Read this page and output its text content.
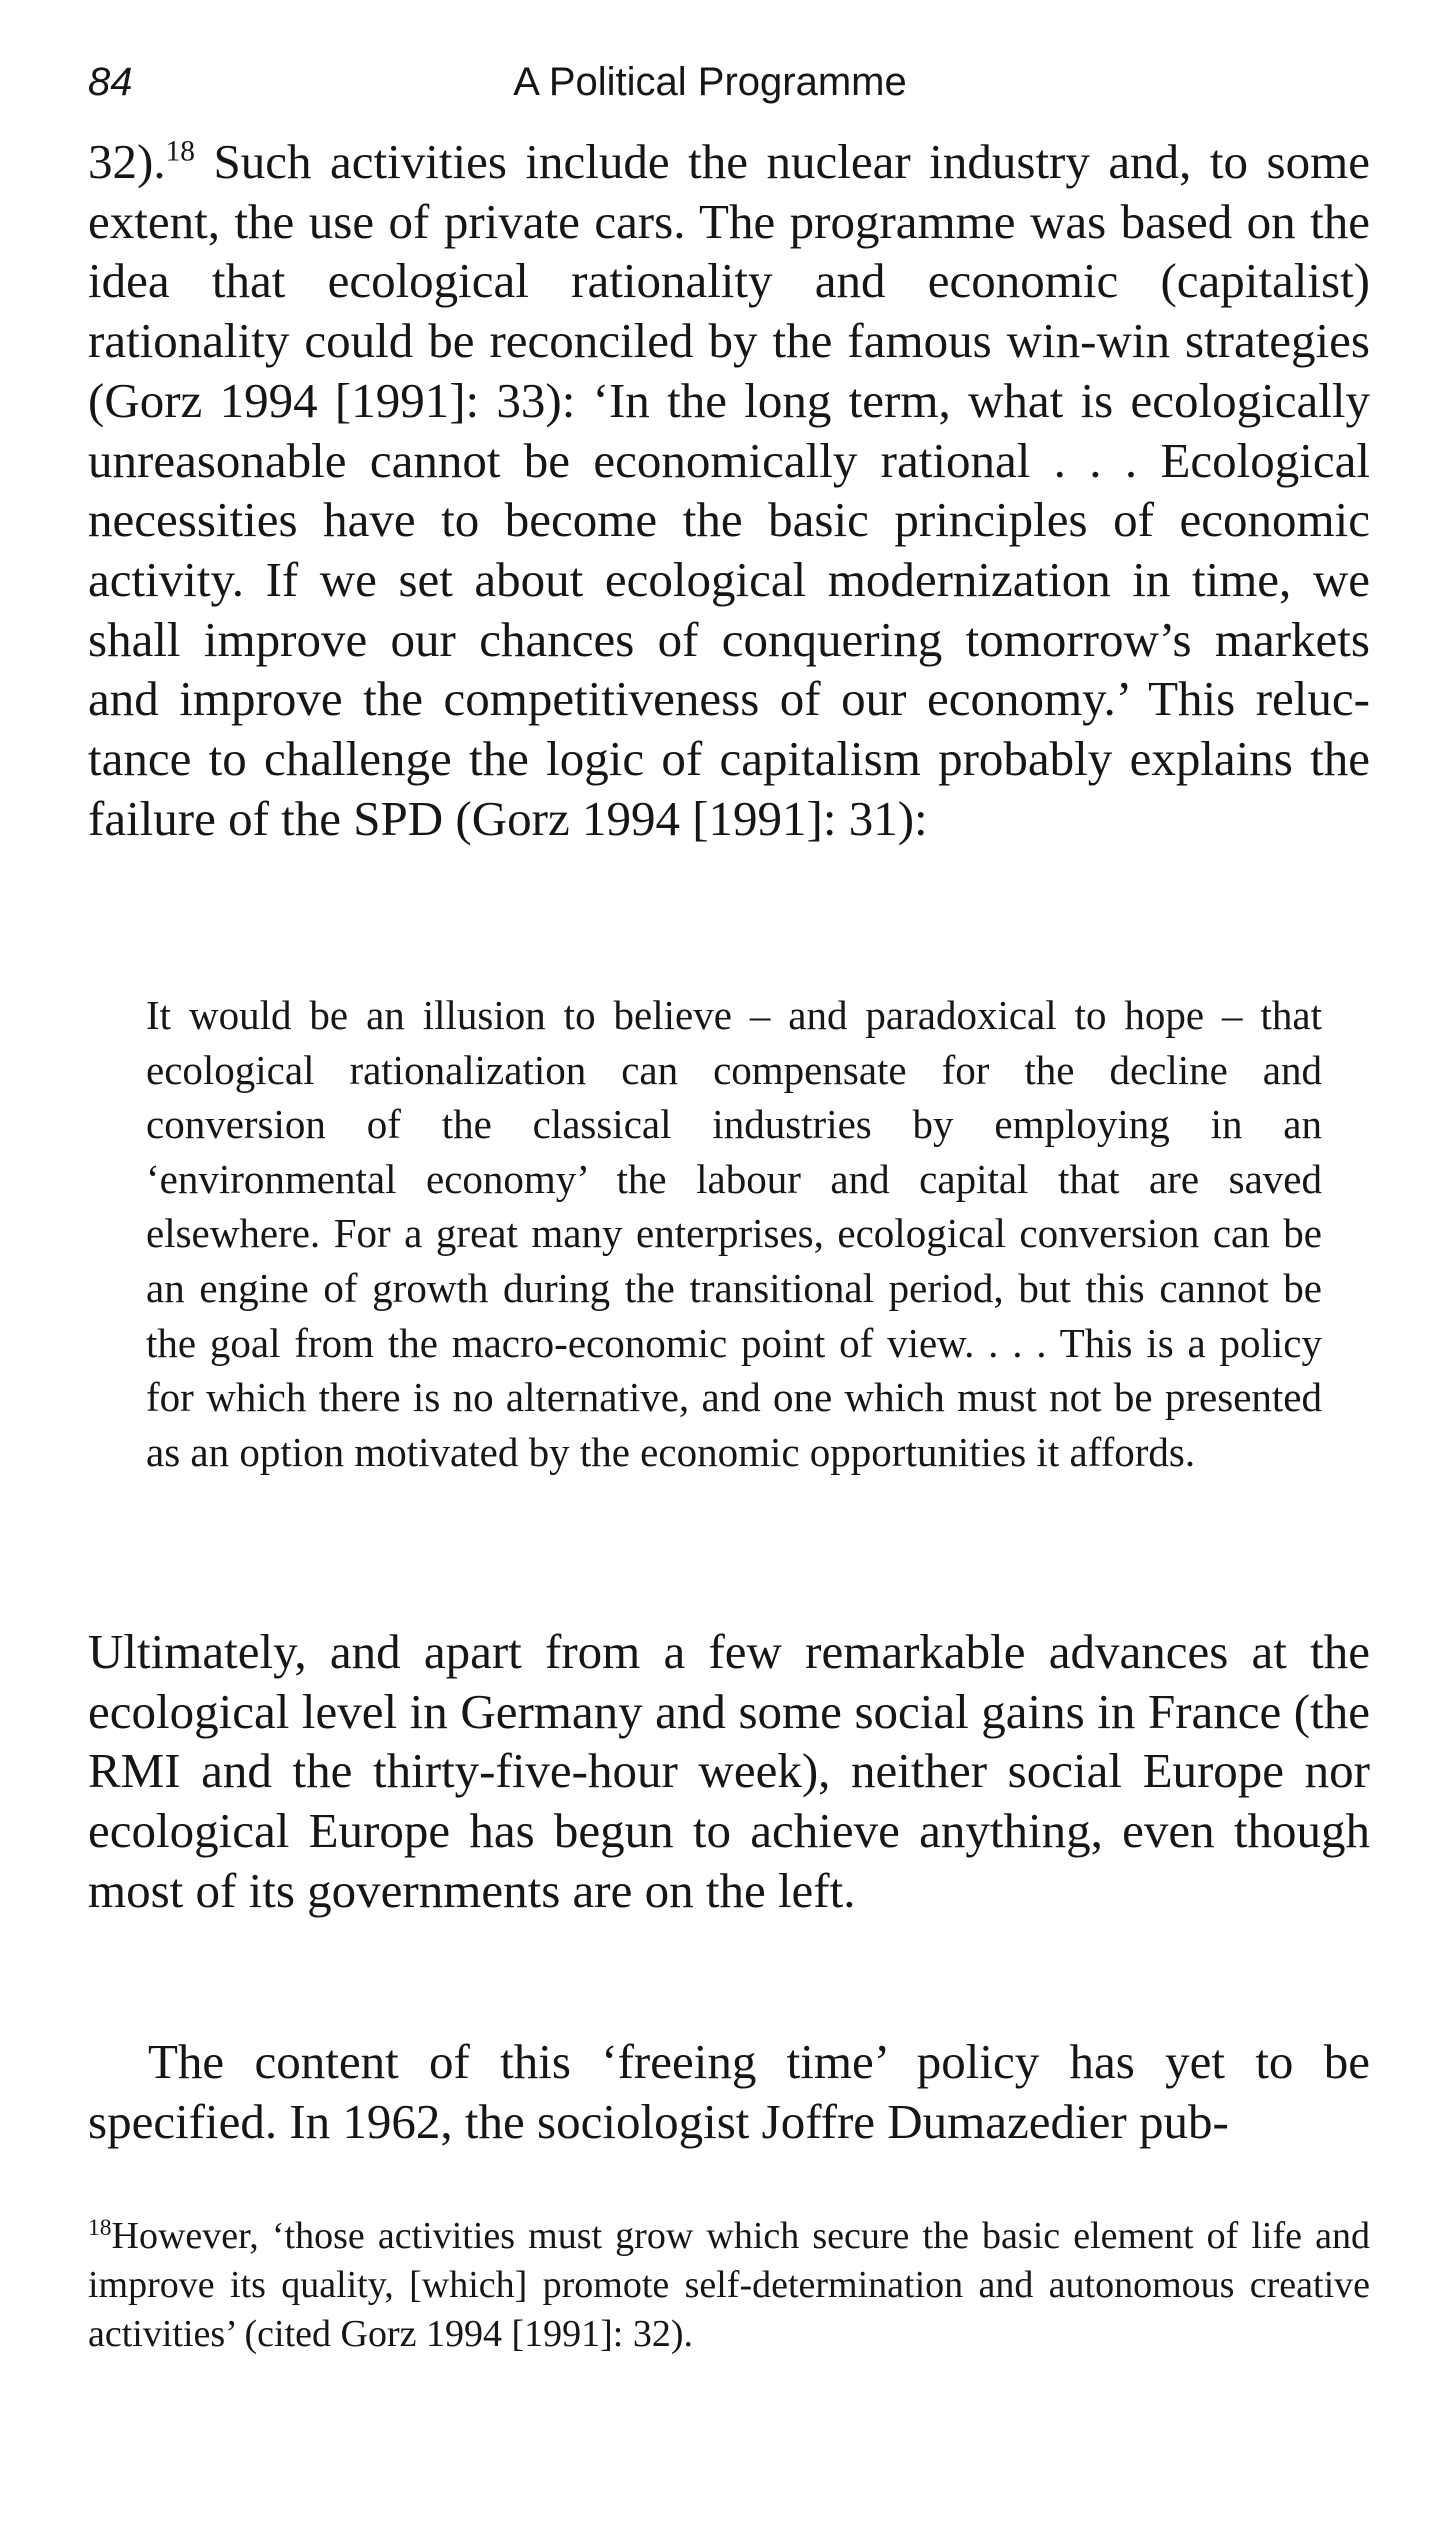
84	A Political Programme

32).$^{18}$ Such activities include the nuclear industry and, to some extent, the use of private cars. The programme was based on the idea that ecological rationality and economic (capitalist) rationality could be reconciled by the famous win-win strategies (Gorz 1994 [1991]: 33): ‘In the long term, what is ecologically unreasonable cannot be economically rational . . . Ecological necessities have to become the basic principles of economic activity. If we set about ecological modernization in time, we shall improve our chances of conquering tomorrow’s markets and improve the competitiveness of our economy.’ This reluctance to challenge the logic of capitalism probably explains the failure of the SPD (Gorz 1994 [1991]: 31):

It would be an illusion to believe – and paradoxical to hope – that ecological rationalization can compensate for the decline and conversion of the classical industries by employing in an ‘environmental economy’ the labour and capital that are saved elsewhere. For a great many enterprises, ecological conversion can be an engine of growth during the transitional period, but this cannot be the goal from the macro-economic point of view. . . . This is a policy for which there is no alternative, and one which must not be presented as an option motivated by the economic opportunities it affords.

Ultimately, and apart from a few remarkable advances at the ecological level in Germany and some social gains in France (the RMI and the thirty-five-hour week), neither social Europe nor ecological Europe has begun to achieve anything, even though most of its governments are on the left.

The content of this ‘freeing time’ policy has yet to be specified. In 1962, the sociologist Joffre Dumazedier pub-

$^{18}$However, ‘those activities must grow which secure the basic element of life and improve its quality, [which] promote self-determination and autonomous creative activities’ (cited Gorz 1994 [1991]: 32).
